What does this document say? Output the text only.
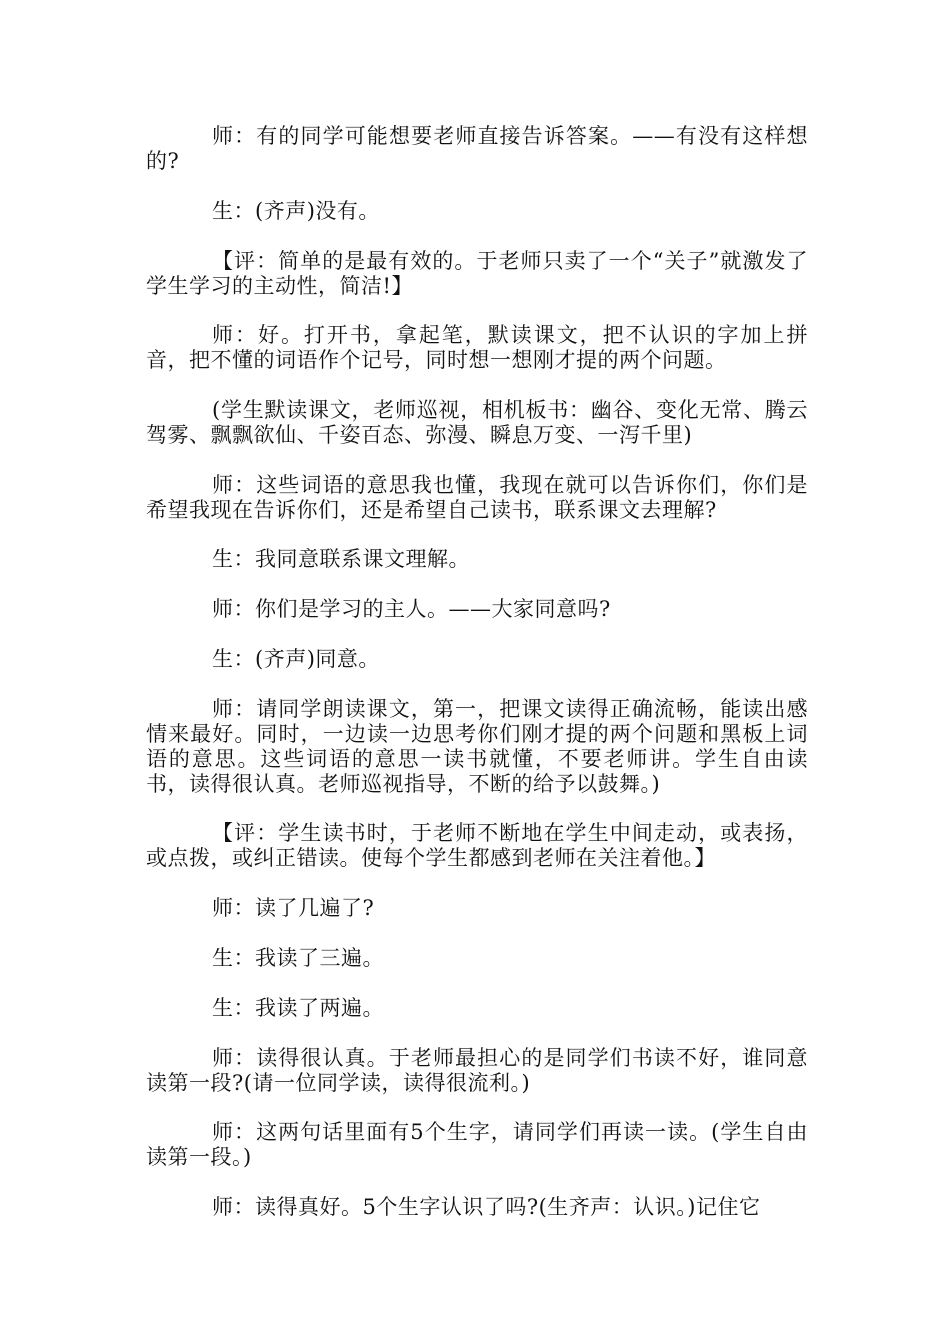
师：有的同学可能想要老师直接告诉答案。——有没有这样想的?

生：(齐声)没有。

【评：简单的是最有效的。于老师只卖了一个“关子”就激发了学生学习的主动性，简洁!】

师：好。打开书，拿起笔，默读课文，把不认识的字加上拼音，把不懂的词语作个记号，同时想一想刚才提的两个问题。

(学生默读课文，老师巡视，相机板书：幽谷、变化无常、腾云驾雾、飘飘欲仙、千姿百态、弥漫、瞬息万变、一泻千里)

师：这些词语的意思我也懂，我现在就可以告诉你们，你们是希望我现在告诉你们，还是希望自己读书，联系课文去理解?

生：我同意联系课文理解。

师：你们是学习的主人。——大家同意吗?

生：(齐声)同意。

师：请同学朗读课文，第一，把课文读得正确流畅，能读出感情来最好。同时，一边读一边思考你们刚才提的两个问题和黑板上词语的意思。这些词语的意思一读书就懂，不要老师讲。学生自由读书，读得很认真。老师巡视指导，不断的给予以鼓舞。)

【评：学生读书时，于老师不断地在学生中间走动，或表扬，或点拨，或纠正错读。使每个学生都感到老师在关注着他。】

师：读了几遍了?

生：我读了三遍。

生：我读了两遍。

师：读得很认真。于老师最担心的是同学们书读不好，谁同意读第一段?(请一位同学读，读得很流利。)

师：这两句话里面有5个生字，请同学们再读一读。(学生自由读第一段。)

师：读得真好。5个生字认识了吗?(生齐声：认识。)记住它
